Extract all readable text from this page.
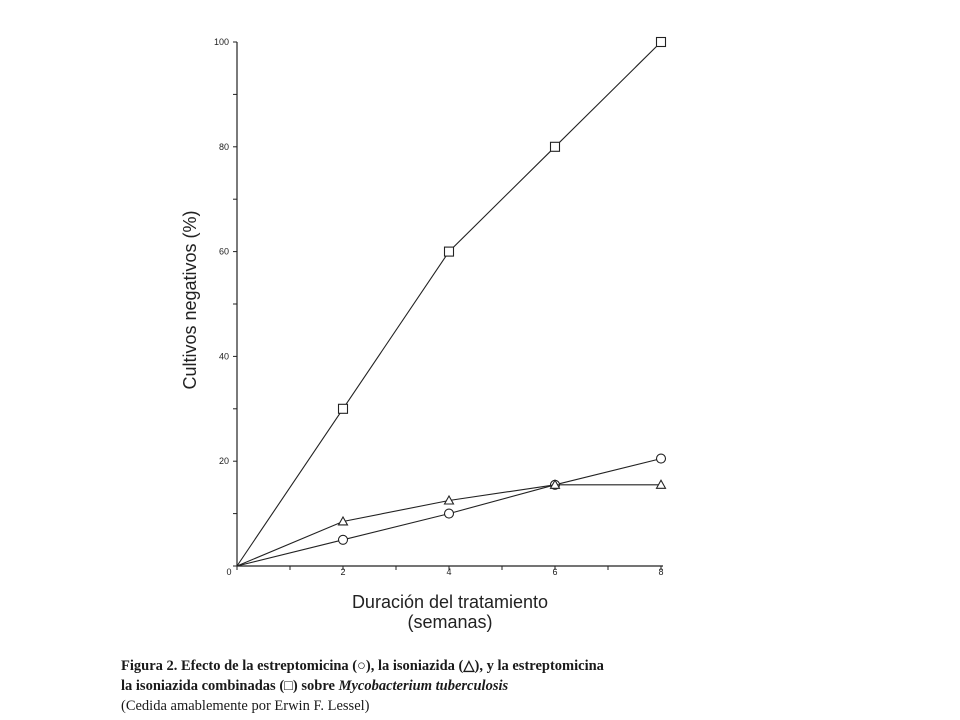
20
40
60
80
100
0	2	4	6	8
Cultivos negativos (%)
Duración del tratamiento
(semanas)
Figura 2. Efecto de la estreptomicina (○), la isoniazida (△), y la estreptomicina
la isoniazida combinadas (□) sobre Mycobacterium tuberculosis
(Cedida amablemente por Erwin F. Lessel)
